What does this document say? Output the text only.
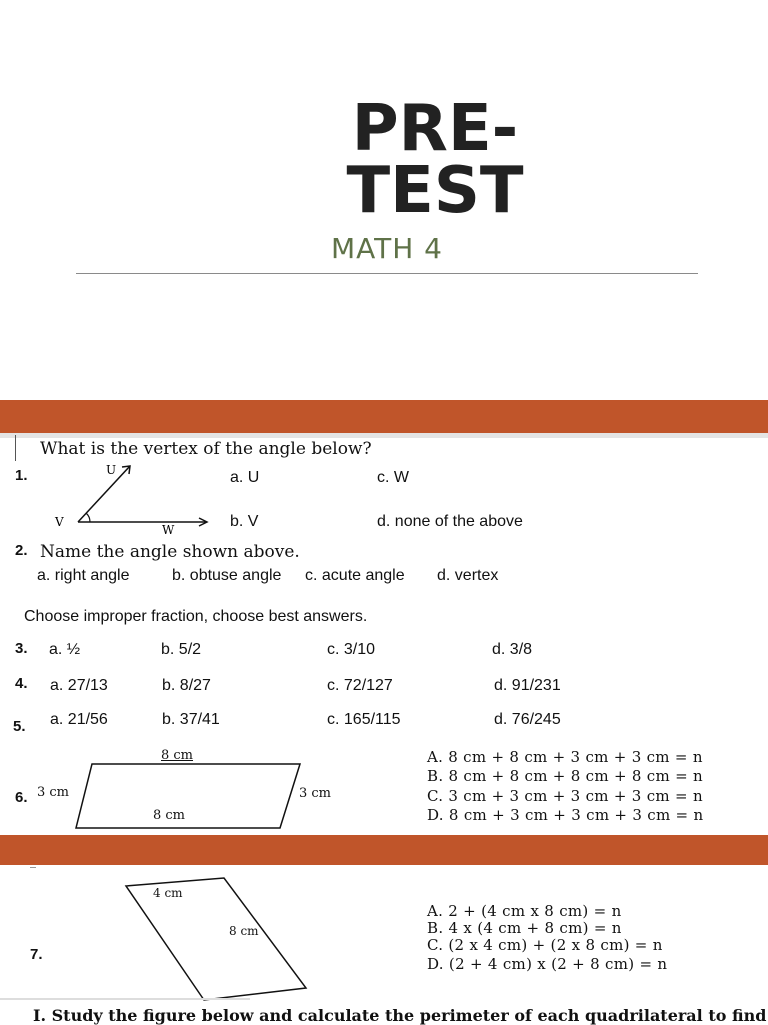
PRE-
TEST
MATH 4
What is the vertex of the angle below?
1.	U
V
W
a. U	c. W
b. V	d. none of the above
2. Name the angle shown above.
a. right angle	b. obtuse angle c. acute angle d. vertex
Choose improper fraction, choose best answers.
3. a. ½	b. 5/2	c. 3/10	d. 3/8
4. a. 27/13	b. 8/27	c. 72/127	d. 91/231
5. a. 21/56	b. 37/41	c. 165/115	d. 76/245
6.
8 cm
3 cm	3 cm
8 cm
A. 8 cm + 8 cm + 3 cm + 3 cm = n
B. 8 cm + 8 cm + 8 cm + 8 cm = n
C. 3 cm + 3 cm + 3 cm + 3 cm = n
D. 8 cm + 3 cm + 3 cm + 3 cm = n
7.
4 cm
8 cm
A. 2 + (4 cm x 8 cm) = n
B. 4 x (4 cm + 8 cm) = n
C. (2 x 4 cm) + (2 x 8 cm) = n
D. (2 + 4 cm) x (2 + 8 cm) = n
I. Study the figure below and calculate the perimeter of each quadrilateral to find
